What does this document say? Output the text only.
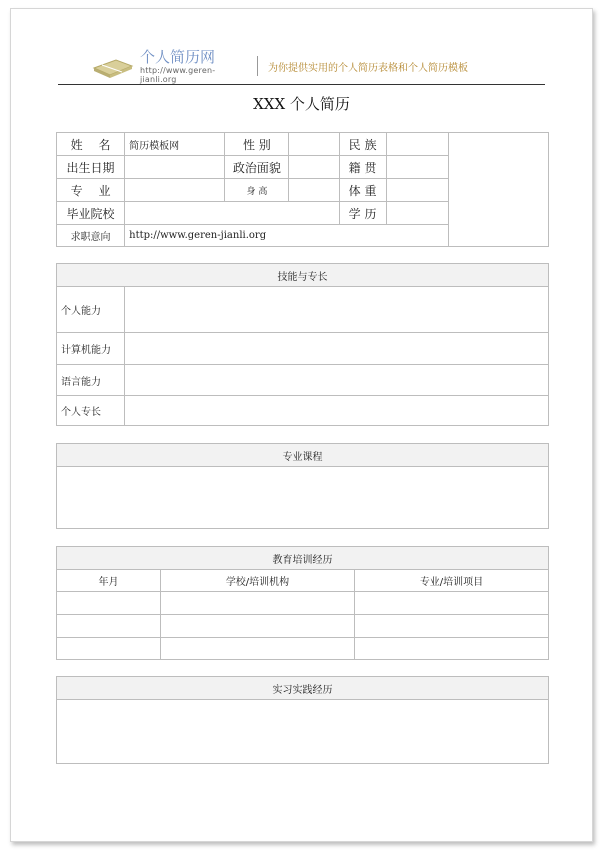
个人简历网
http://www.geren-jianli.org
为你提供实用的个人简历表格和个人简历模板
XXX 个人简历
姓　 名	简历模板网	性 别		民 族		
出生日期		政治面貌		籍 贯		
专　 业		身 高		体 重		
毕业院校				学 历		
求职意向	http://www.geren-jianli.org					
技能与专长	
个人能力	
计算机能力	
语言能力	
个人专长	
专业课程

教育培训经历		
年月	学校/培训机构	专业/培训项目

实习实践经历
